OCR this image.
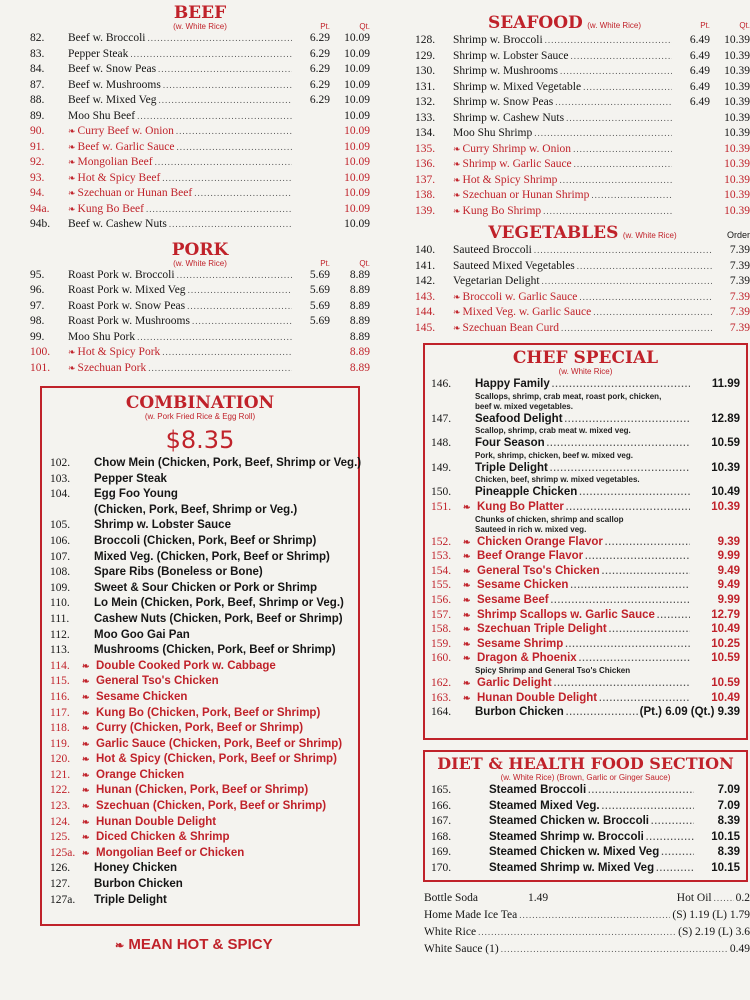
BEEF
(w. White Rice)	Pt.	Qt.
82.	Beef w. Broccoli .....	6.29	10.09
83.	Pepper Steak .....	6.29	10.09
84.	Beef w. Snow Peas .....	6.29	10.09
87.	Beef w. Mushrooms .....	6.29	10.09
88.	Beef w. Mixed Veg .....	6.29	10.09
89.	Moo Shu Beef .....	10.09
90.	❧ Curry Beef w. Onion .....	10.09
91.	❧ Beef w. Garlic Sauce .....	10.09
92.	❧ Mongolian Beef .....	10.09
93.	❧ Hot & Spicy Beef .....	10.09
94.	❧ Szechuan or Hunan Beef .....	10.09
94a.	❧ Kung Bo Beef .....	10.09
94b.	Beef w. Cashew Nuts .....	10.09
PORK
(w. White Rice)	Pt.	Qt.
95.	Roast Pork w. Broccoli .....	5.69	8.89
96.	Roast Pork w. Mixed Veg .....	5.69	8.89
97.	Roast Pork w. Snow Peas .....	5.69	8.89
98.	Roast Pork w. Mushrooms .....	5.69	8.89
99.	Moo Shu Pork .....	8.89
100.	❧ Hot & Spicy Pork .....	8.89
101.	❧ Szechuan Pork .....	8.89
COMBINATION
(w. Pork Fried Rice & Egg Roll)
$8.35
102.	Chow Mein (Chicken, Pork, Beef, Shrimp or Veg.)
103.	Pepper Steak
104.	Egg Foo Young
(Chicken, Pork, Beef, Shrimp or Veg.)
105.	Shrimp w. Lobster Sauce
106.	Broccoli (Chicken, Pork, Beef or Shrimp)
107.	Mixed Veg. (Chicken, Pork, Beef or Shrimp)
108.	Spare Ribs (Boneless or Bone)
109.	Sweet & Sour Chicken or Pork or Shrimp
110.	Lo Mein (Chicken, Pork, Beef, Shrimp or Veg.)
111.	Cashew Nuts (Chicken, Pork, Beef or Shrimp)
112.	Moo Goo Gai Pan
113.	Mushrooms (Chicken, Pork, Beef or Shrimp)
114.	❧ Double Cooked Pork w. Cabbage
115.	❧ General Tso's Chicken
116.	❧ Sesame Chicken
117.	❧ Kung Bo (Chicken, Pork, Beef or Shrimp)
118.	❧ Curry (Chicken, Pork, Beef or Shrimp)
119.	❧ Garlic Sauce (Chicken, Pork, Beef or Shrimp)
120.	❧ Hot & Spicy (Chicken, Pork, Beef or Shrimp)
121.	❧ Orange Chicken
122.	❧ Hunan (Chicken, Pork, Beef or Shrimp)
123.	❧ Szechuan (Chicken, Pork, Beef or Shrimp)
124.	❧ Hunan Double Delight
125.	❧ Diced Chicken & Shrimp
125a. ❧ Mongolian Beef or Chicken
126.	Honey Chicken
127.	Burbon Chicken
127a.	Triple Delight
❧ MEAN HOT & SPICY
SEAFOOD (w. White Rice)	Pt.	Qt.
128.	Shrimp w. Broccoli .....	6.49	10.39
129.	Shrimp w. Lobster Sauce .....	6.49	10.39
130.	Shrimp w. Mushrooms .....	6.49	10.39
131.	Shrimp w. Mixed Vegetable .....	6.49	10.39
132.	Shrimp w. Snow Peas .....	6.49	10.39
133.	Shrimp w. Cashew Nuts .....	10.39
134.	Moo Shu Shrimp .....	10.39
135.	❧ Curry Shrimp w. Onion .....	10.39
136.	❧ Shrimp w. Garlic Sauce .....	10.39
137.	❧ Hot & Spicy Shrimp .....	10.39
138.	❧ Szechuan or Hunan Shrimp .....	10.39
139.	❧ Kung Bo Shrimp .....	10.39
VEGETABLES (w. White Rice)	Order
140.	Sauteed Broccoli .....	7.39
141.	Sauteed Mixed Vegetables .....	7.39
142.	Vegetarian Delight .....	7.39
143.	❧ Broccoli w. Garlic Sauce .....	7.39
144.	❧ Mixed Veg. w. Garlic Sauce .....	7.39
145.	❧ Szechuan Bean Curd .....	7.39
CHEF SPECIAL
(w. White Rice)
146.	Happy Family .....	11.99
Scallops, shrimp, crab meat, roast pork, chicken,
beef w. mixed vegetables.
147.	Seafood Delight .....	12.89
Scallop, shrimp, crab meat w. mixed veg.
148.	Four Season .....	10.59
Pork, shrimp, chicken, beef w. mixed veg.
149.	Triple Delight .....	10.39
Chicken, beef, shrimp w. mixed vegetables.
150.	Pineapple Chicken .....	10.49
151.	❧ Kung Bo Platter .....	10.39
Chunks of chicken, shrimp and scallop
Sauteed in rich w. mixed veg.
152.	❧ Chicken Orange Flavor .....	9.39
153.	❧ Beef Orange Flavor .....	9.99
154.	❧ General Tso's Chicken .....	9.49
155.	❧ Sesame Chicken .....	9.49
156.	❧ Sesame Beef .....	9.99
157.	❧ Shrimp Scallops w. Garlic Sauce .....	12.79
158.	❧ Szechuan Triple Delight .....	10.49
159.	❧ Sesame Shrimp .....	10.25
160.	❧ Dragon & Phoenix .....	10.59
Spicy Shrimp and General Tso's Chicken
162.	❧ Garlic Delight .....	10.59
163.	❧ Hunan Double Delight .....	10.49
164.	Burbon Chicken .....	(Pt.) 6.09 (Qt.) 9.39
DIET & HEALTH FOOD SECTION
(w. White Rice) (Brown, Garlic or Ginger Sauce)
165.	Steamed Broccoli .....	7.09
166.	Steamed Mixed Veg. .....	7.09
167.	Steamed Chicken w. Broccoli .....	8.39
168.	Steamed Shrimp w. Broccoli .....	10.15
169.	Steamed Chicken w. Mixed Veg .....	8.39
170.	Steamed Shrimp w. Mixed Veg .....	10.15
Bottle Soda	1.49	Hot Oil ..... 0.2
Home Made Ice Tea .....	(S) 1.19 (L) 1.79
White Rice .....	(S) 2.19 (L) 3.6
White Sauce (1) .....	0.49
